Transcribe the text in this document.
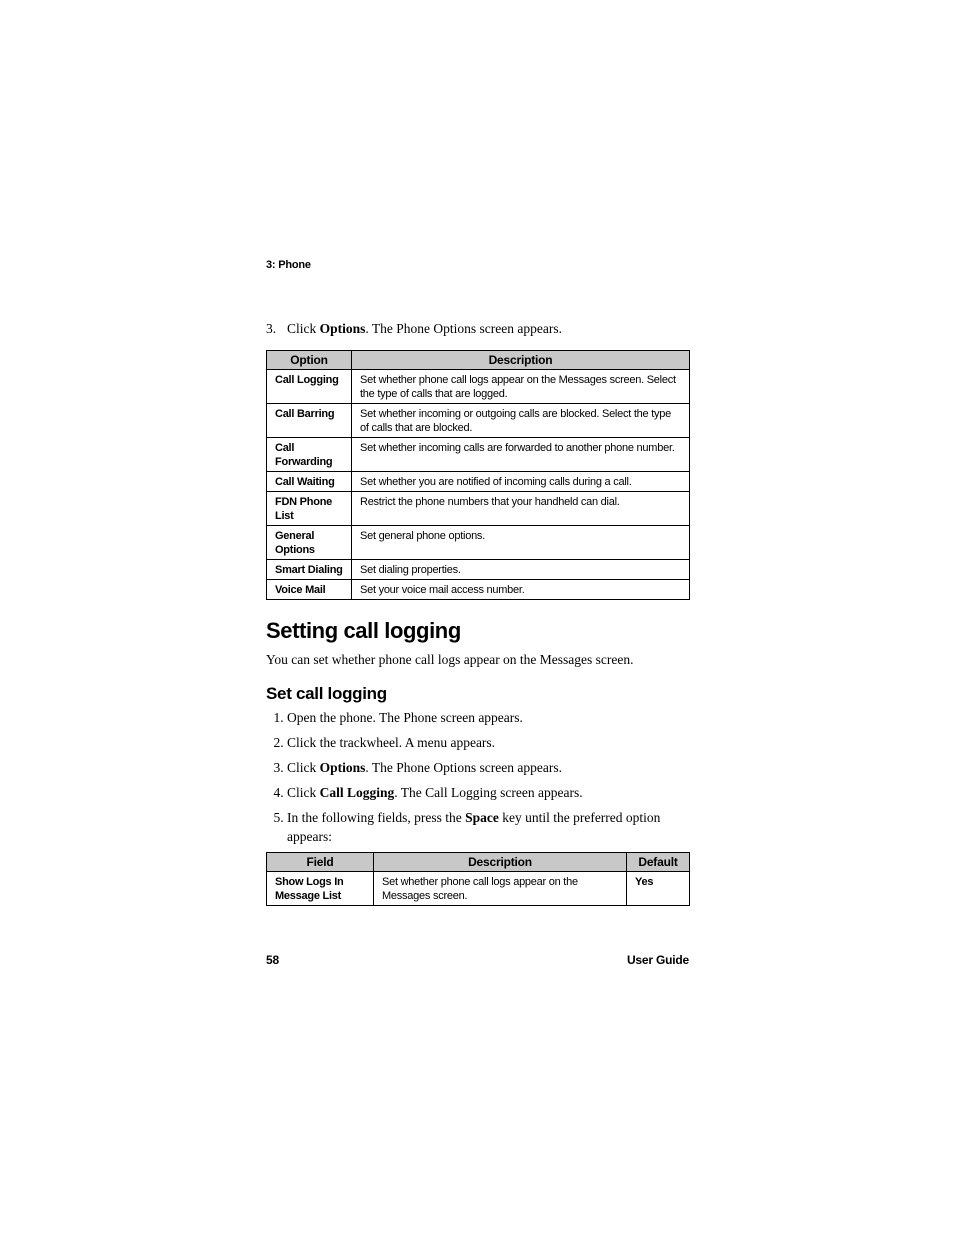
3: Phone
3. Click Options. The Phone Options screen appears.
Option	Description
Call Logging	Set whether phone call logs appear on the Messages screen. Select the type of calls that are logged.
Call Barring	Set whether incoming or outgoing calls are blocked. Select the type of calls that are blocked.
Call Forwarding	Set whether incoming calls are forwarded to another phone number.
Call Waiting	Set whether you are notified of incoming calls during a call.
FDN Phone List	Restrict the phone numbers that your handheld can dial.
General Options	Set general phone options.
Smart Dialing	Set dialing properties.
Voice Mail	Set your voice mail access number.
Setting call logging
You can set whether phone call logs appear on the Messages screen.
Set call logging
1. Open the phone. The Phone screen appears.
2. Click the trackwheel. A menu appears.
3. Click Options. The Phone Options screen appears.
4. Click Call Logging. The Call Logging screen appears.
5. In the following fields, press the Space key until the preferred option appears:
Field	Description	Default
Show Logs In Message List	Set whether phone call logs appear on the Messages screen.	Yes
58	User Guide
